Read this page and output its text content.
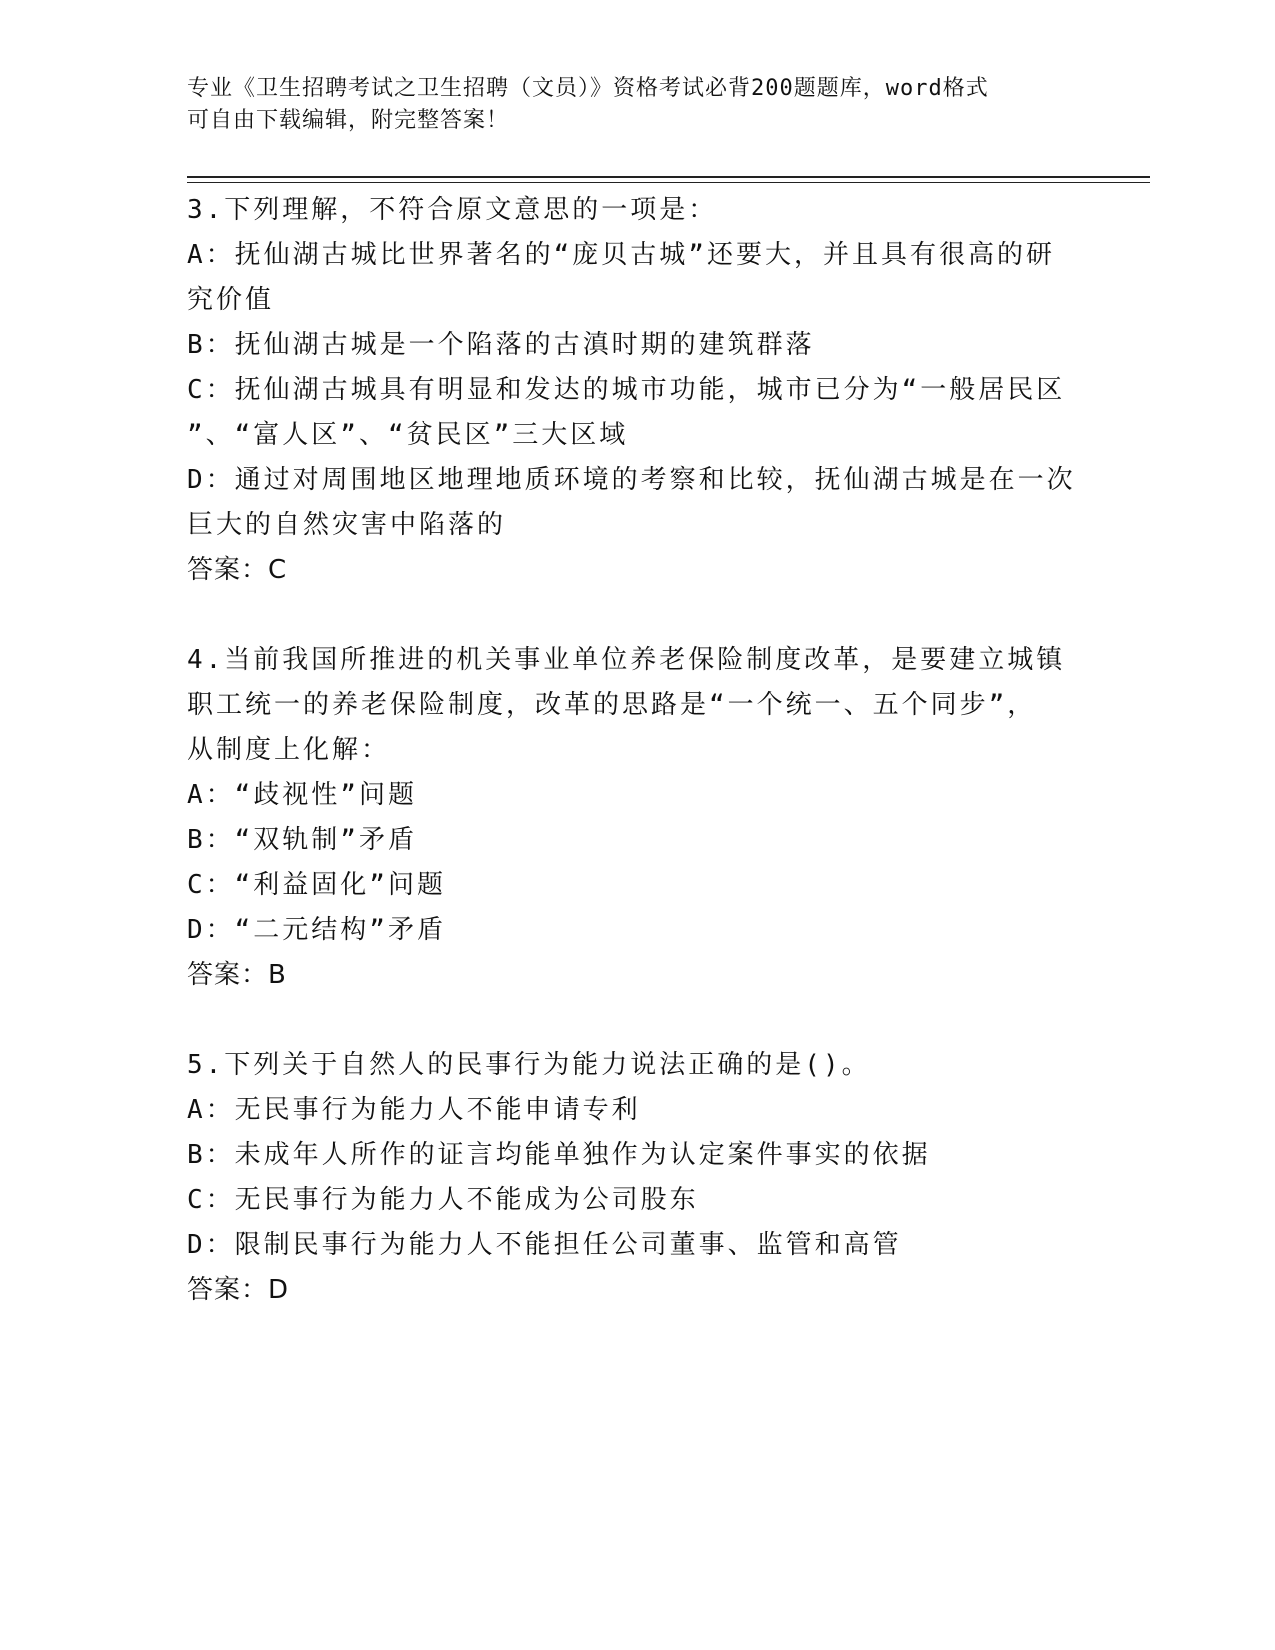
专业《卫生招聘考试之卫生招聘（文员）》资格考试必背200题题库，word格式
可自由下载编辑，附完整答案！
3.下列理解，不符合原文意思的一项是：
A：抚仙湖古城比世界著名的“庞贝古城”还要大，并且具有很高的研
究价值
B：抚仙湖古城是一个陷落的古滇时期的建筑群落
C：抚仙湖古城具有明显和发达的城市功能，城市已分为“一般居民区
”、“富人区”、“贫民区”三大区域
D：通过对周围地区地理地质环境的考察和比较，抚仙湖古城是在一次
巨大的自然灾害中陷落的
答案：C
4.当前我国所推进的机关事业单位养老保险制度改革，是要建立城镇
职工统一的养老保险制度，改革的思路是“一个统一、五个同步”，
从制度上化解：
A：“歧视性”问题
B：“双轨制”矛盾
C：“利益固化”问题
D：“二元结构”矛盾
答案：B
5.下列关于自然人的民事行为能力说法正确的是()。
A：无民事行为能力人不能申请专利
B：未成年人所作的证言均能单独作为认定案件事实的依据
C：无民事行为能力人不能成为公司股东
D：限制民事行为能力人不能担任公司董事、监管和高管
答案：D
